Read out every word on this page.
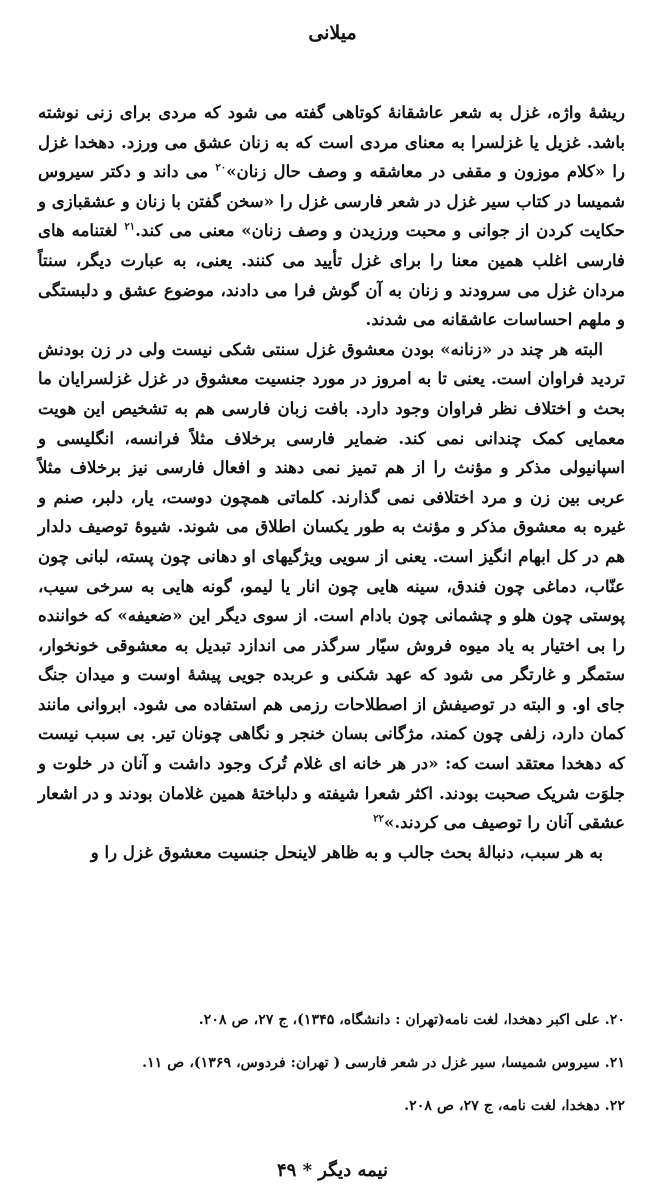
میلانی

ریشهٔ واژه، غزل به شعر عاشقانهٔ کوتاهی گفته می شود که مردی برای زنی نوشته باشد. غزیل یا غزلسرا به معنای مردی است که به زنان عشق می ورزد. دهخدا غزل را «کلام موزون و مقفی در معاشقه و وصف حال زنان»$^{۲۰}$ می داند و دکتر سیروس شمیسا در کتاب سیر غزل در شعر فارسی غزل را «سخن گفتن با زنان و عشقبازی و حکایت کردن از جوانی و محبت ورزیدن و وصف زنان» معنی می کند.$^{۲۱}$ لغتنامه های فارسی اغلب همین معنا را برای غزل تأیید می کنند. یعنی، به عبارت دیگر، سنتاً مردان غزل می سرودند و زنان به آن گوش فرا می دادند، موضوع عشق و دلبستگی و ملهم احساسات عاشقانه می شدند.

البته هر چند در «زنانه» بودن معشوق غزل سنتی شکی نیست ولی در زن بودنش تردید فراوان است. یعنی تا به امروز در مورد جنسیت معشوق در غزل غزلسرایان ما بحث و اختلاف نظر فراوان وجود دارد. بافت زبان فارسی هم به تشخیص این هویت معمایی کمک چندانی نمی کند. ضمایر فارسی برخلاف مثلاً فرانسه، انگلیسی و اسپانیولی مذکر و مؤنث را از هم تمیز نمی دهند و افعال فارسی نیز برخلاف مثلاً عربی بین زن و مرد اختلافی نمی گذارند. کلماتی همچون دوست، یار، دلبر، صنم و غیره به معشوق مذکر و مؤنث به طور یکسان اطلاق می شوند. شیوهٔ توصیف دلدار هم در کل ابهام انگیز است. یعنی از سویی ویژگیهای او دهانی چون پسته، لبانی چون عنّاب، دماغی چون فندق، سینه هایی چون انار یا لیمو، گونه هایی به سرخی سیب، پوستی چون هلو و چشمانی چون بادام است. از سوی دیگر این «ضعیفه» که خواننده را بی اختیار به یاد میوه فروش سیّار سرگذر می اندازد تبدیل به معشوقی خونخوار، ستمگر و غارتگر می شود که عهد شکنی و عربده جویی پیشهٔ اوست و میدان جنگ جای او. و البته در توصیفش از اصطلاحات رزمی هم استفاده می شود. ابروانی مانند کمان دارد، زلفی چون کمند، مژگانی بسان خنجر و نگاهی چونان تیر. بی سبب نیست که دهخدا معتقد است که: «در هر خانه ای غلام تُرک وجود داشت و آنان در خلوت و جلوَت شریک صحبت بودند. اکثر شعرا شیفته و دلباختهٔ همین غلامان بودند و در اشعار عشقی آنان را توصیف می کردند.»$^{۲۲}$

به هر سبب، دنبالهٔ بحث جالب و به ظاهر لاینحل جنسیت معشوق غزل را و

۲۰. علی اکبر دهخدا، لغت نامه(تهران : دانشگاه، ۱۳۴۵)، ج ۲۷، ص ۲۰۸.

۲۱. سیروس شمیسا، سیر غزل در شعر فارسی ( تهران: فردوس، ۱۳۶۹)، ص ۱۱.

۲۲. دهخدا، لغت نامه، ج ۲۷، ص ۲۰۸.

نیمه دیگر * ۴۹
